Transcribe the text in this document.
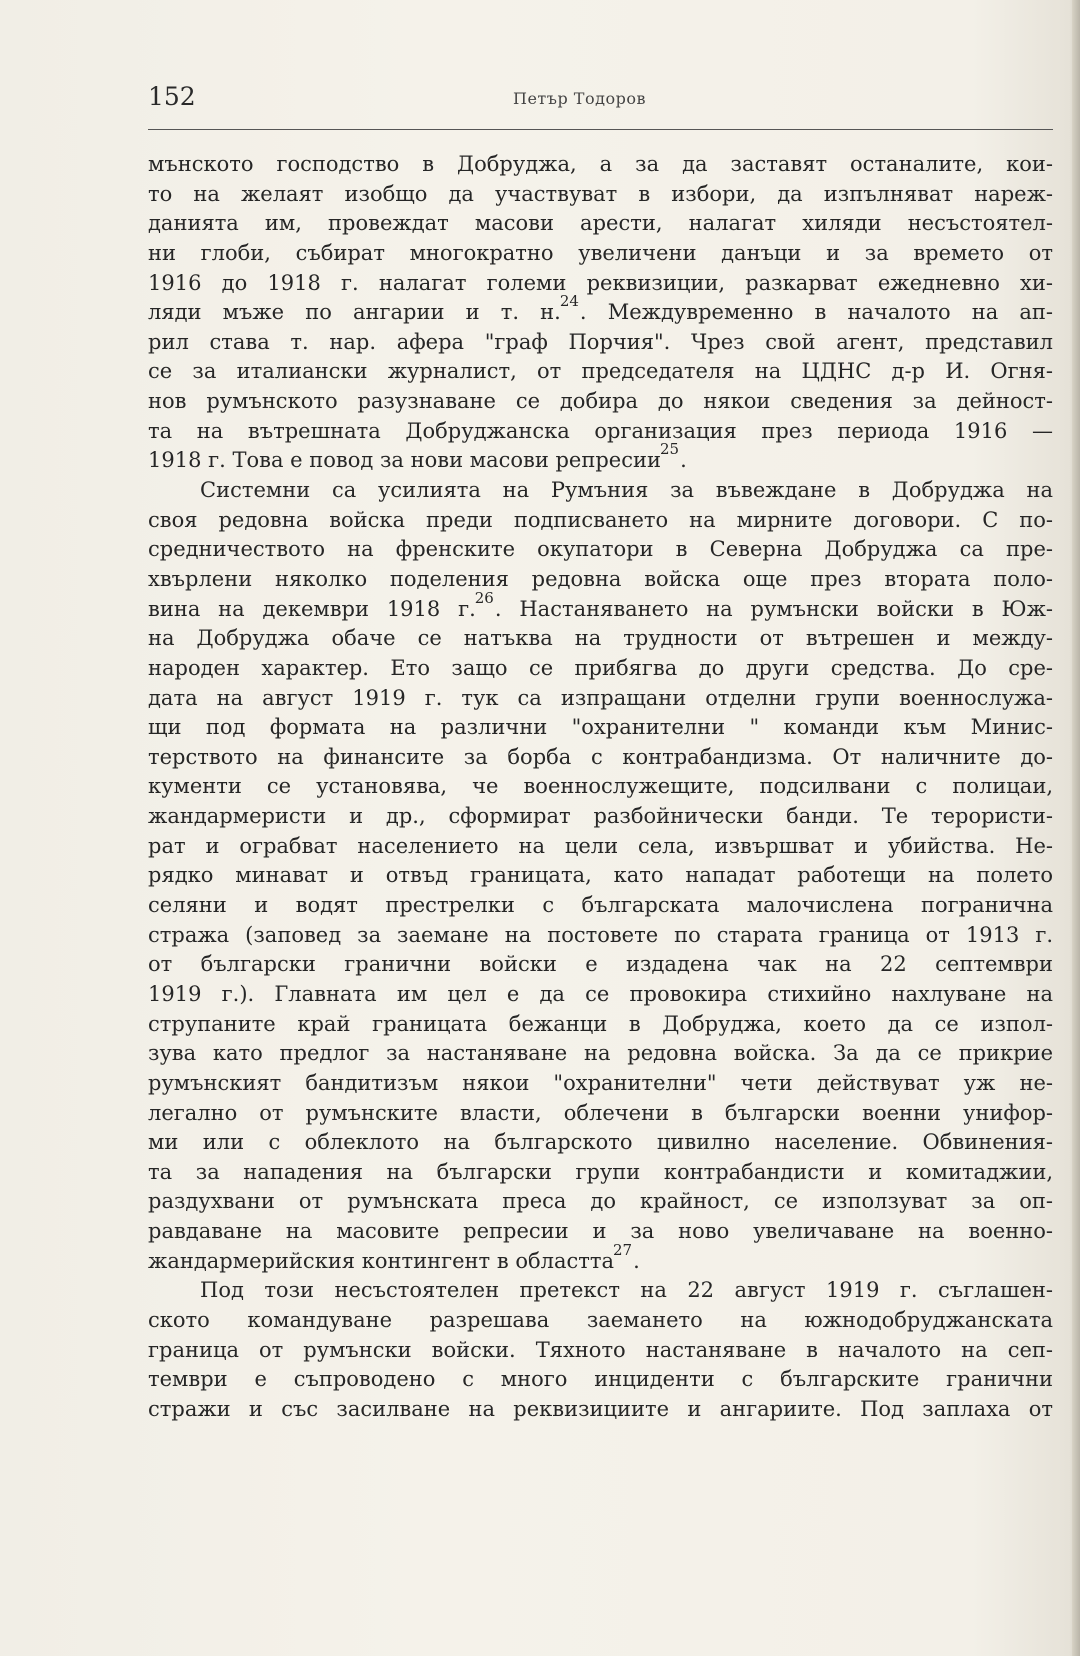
152	Петър Тодоров
мънското господство в Добруджа, а за да заставят останалите, кои-
то на желаят изобщо да участвуват в избори, да изпълняват нареж-
данията им, провеждат масови арести, налагат хиляди несъстоятел-
ни глоби, събират многократно увеличени данъци и за времето от
1916 до 1918 г. налагат големи реквизиции, разкарват ежедневно хи-
ляди мъже по ангарии и т. н.$^{24}$. Междувременно в началото на ап-
рил става т. нар. афера "граф Порчия". Чрез свой агент, представил
се за италиански журналист, от председателя на ЦДНС д-р И. Огня-
нов румънското разузнаване се добира до някои сведения за дейност-
та на вътрешната Добруджанска организация през периода 1916 —
1918 г. Това е повод за нови масови репресии$^{25}$.
Системни са усилията на Румъния за въвеждане в Добруджа на
своя редовна войска преди подписването на мирните договори. С по-
средничеството на френските окупатори в Северна Добруджа са пре-
хвърлени няколко поделения редовна войска още през втората поло-
вина на декември 1918 г.$^{26}$. Настаняването на румънски войски в Юж-
на Добруджа обаче се натъква на трудности от вътрешен и между-
народен характер. Ето защо се прибягва до други средства. До сре-
дата на август 1919 г. тук са изпращани отделни групи военнослужа-
щи под формата на различни "охранителни " команди към Минис-
терството на финансите за борба с контрабандизма. От наличните до-
кументи се установява, че военнослужещите, подсилвани с полицаи,
жандармеристи и др., сформират разбойнически банди. Те терористи-
рат и ограбват населението на цели села, извършват и убийства. Не-
рядко минават и отвъд границата, като нападат работещи на полето
селяни и водят престрелки с българската малочислена погранична
стража (заповед за заемане на постовете по старата граница от 1913 г.
от български гранични войски е издадена чак на 22 септември
1919 г.). Главната им цел е да се провокира стихийно нахлуване на
струпаните край границата бежанци в Добруджа, което да се изпол-
зува като предлог за настаняване на редовна войска. За да се прикрие
румънският бандитизъм някои "охранителни" чети действуват уж не-
легално от румънските власти, облечени в български военни унифор-
ми или с облеклото на българското цивилно население. Обвинения-
та за нападения на български групи контрабандисти и комитаджии,
раздухвани от румънската преса до крайност, се използуват за оп-
равдаване на масовите репресии и за ново увеличаване на военно-
жандармерийския контингент в областта$^{27}$.
Под този несъстоятелен претекст на 22 август 1919 г. съглашен-
ското командуване разрешава заемането на южнодобруджанската
граница от румънски войски. Тяхното настаняване в началото на сеп-
тември е съпроводено с много инциденти с българските гранични
стражи и със засилване на реквизициите и ангариите. Под заплаха от
